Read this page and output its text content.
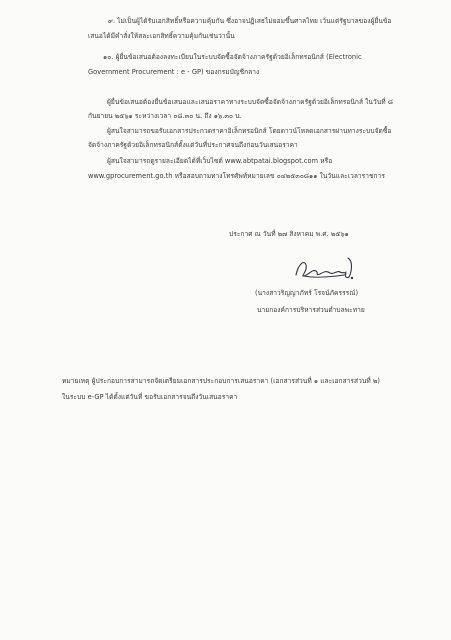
๙. ไม่เป็นผู้ได้รับเอกสิทธิ์หรือความคุ้มกัน ซึ่งอาจปฏิเสธไม่ยอมขึ้นศาลไทย เว้นแต่รัฐบาลของผู้ยื่นข้อ
เสนอได้มีคำสั่งให้สละเอกสิทธิ์ความคุ้มกันเช่นว่านั้น
๑๐. ผู้ยื่นข้อเสนอต้องลงทะเบียนในระบบจัดซื้อจัดจ้างภาครัฐด้วยอิเล็กทรอนิกส์ (Electronic
Government Procurement : e - GP) ของกรมบัญชีกลาง
ผู้ยื่นข้อเสนอต้องยื่นข้อเสนอและเสนอราคาทางระบบจัดซื้อจัดจ้างภาครัฐด้วยอิเล็กทรอนิกส์ ในวันที่ ๘
กันยายน ๒๕๖๑ ระหว่างเวลา ๐๘.๓๐ น. ถึง ๑๖.๓๐ น.
ผู้สนใจสามารถขอรับเอกสารประกวดราคาอิเล็กทรอนิกส์ โดยดาวน์โหลดเอกสารผ่านทางระบบจัดซื้อ
จัดจ้างภาครัฐด้วยอิเล็กทรอนิกส์ตั้งแต่วันที่ประกาศจนถึงก่อนวันเสนอราคา
ผู้สนใจสามารถดูรายละเอียดได้ที่เว็บไซต์ www.abtpatai.blogspot.com หรือ
www.gprocurement.go.th หรือสอบถามทางโทรศัพท์หมายเลข ๐๔๒๕๓๐๘๑๑ ในวันและเวลาราชการ
ประกาศ ณ วันที่ ๒๗ สิงหาคม พ.ศ. ๒๕๖๑
(นางสาวริญญาภัทร์ โรจน์ภัครรรณ์)
นายกองค์การบริหารส่วนตำบลพะทาย
หมายเหตุ ผู้ประกอบการสามารถจัดเตรียมเอกสารประกอบการเสนอราคา (เอกสารส่วนที่ ๑ และเอกสารส่วนที่ ๒)
ในระบบ e-GP ได้ตั้งแต่วันที่ ขอรับเอกสารจนถึงวันเสนอราคา
